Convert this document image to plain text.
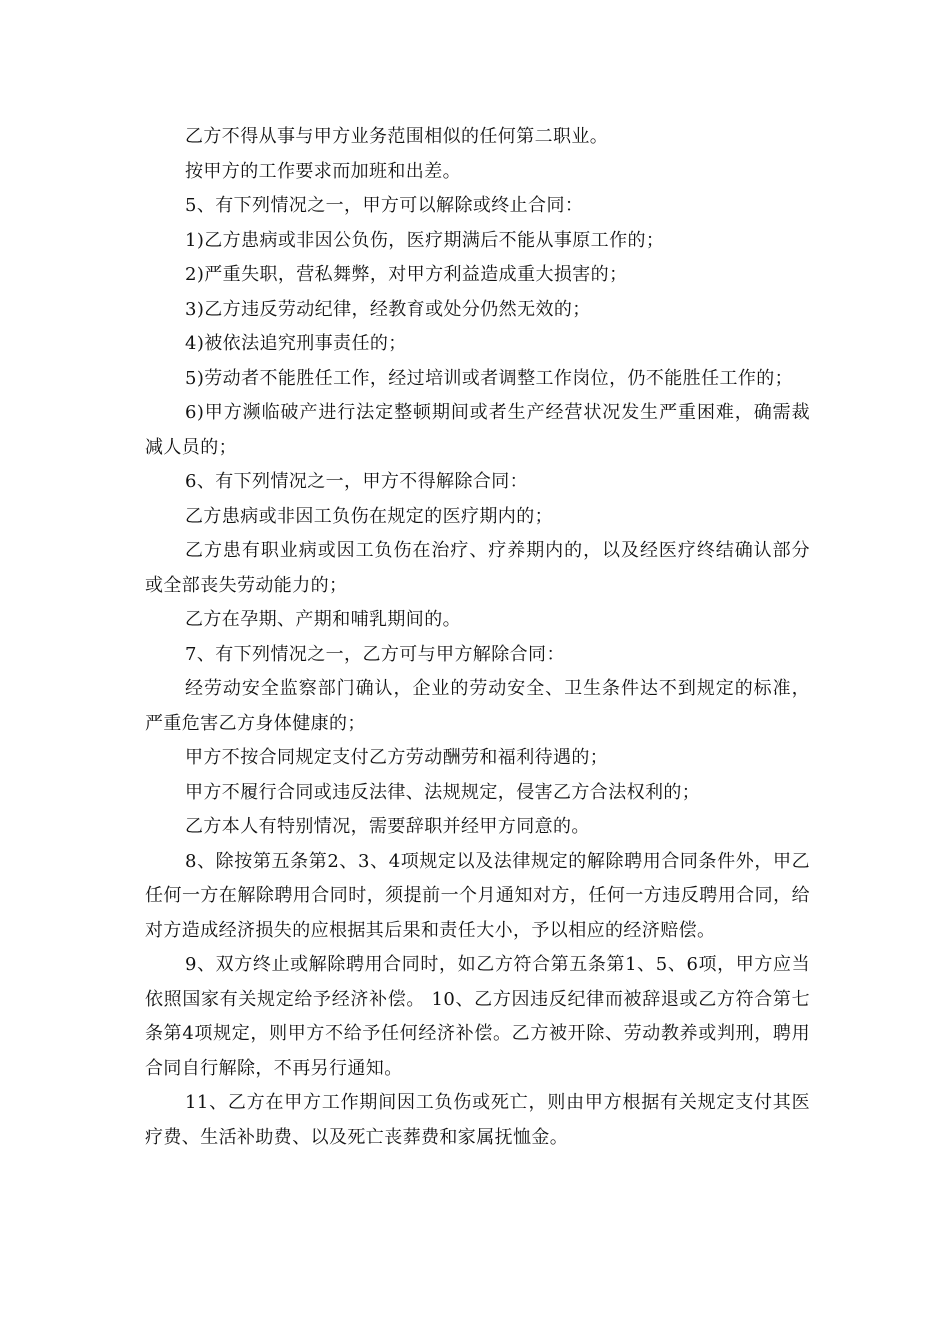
乙方不得从事与甲方业务范围相似的任何第二职业。

按甲方的工作要求而加班和出差。

5、有下列情况之一，甲方可以解除或终止合同：

1)乙方患病或非因公负伤，医疗期满后不能从事原工作的；

2)严重失职，营私舞弊，对甲方利益造成重大损害的；

3)乙方违反劳动纪律，经教育或处分仍然无效的；

4)被依法追究刑事责任的；

5)劳动者不能胜任工作，经过培训或者调整工作岗位，仍不能胜任工作的；

6)甲方濒临破产进行法定整顿期间或者生产经营状况发生严重困难，确需裁减人员的；

6、有下列情况之一，甲方不得解除合同：

乙方患病或非因工负伤在规定的医疗期内的；

乙方患有职业病或因工负伤在治疗、疗养期内的，以及经医疗终结确认部分或全部丧失劳动能力的；

乙方在孕期、产期和哺乳期间的。

7、有下列情况之一，乙方可与甲方解除合同：

经劳动安全监察部门确认，企业的劳动安全、卫生条件达不到规定的标准，严重危害乙方身体健康的；

甲方不按合同规定支付乙方劳动酬劳和福利待遇的；

甲方不履行合同或违反法律、法规规定，侵害乙方合法权利的；

乙方本人有特别情况，需要辞职并经甲方同意的。

8、除按第五条第2、3、4项规定以及法律规定的解除聘用合同条件外，甲乙任何一方在解除聘用合同时，须提前一个月通知对方，任何一方违反聘用合同，给对方造成经济损失的应根据其后果和责任大小，予以相应的经济赔偿。

9、双方终止或解除聘用合同时，如乙方符合第五条第1、5、6项，甲方应当依照国家有关规定给予经济补偿。 10、乙方因违反纪律而被辞退或乙方符合第七条第4项规定，则甲方不给予任何经济补偿。乙方被开除、劳动教养或判刑，聘用合同自行解除，不再另行通知。

11、乙方在甲方工作期间因工负伤或死亡，则由甲方根据有关规定支付其医疗费、生活补助费、以及死亡丧葬费和家属抚恤金。
